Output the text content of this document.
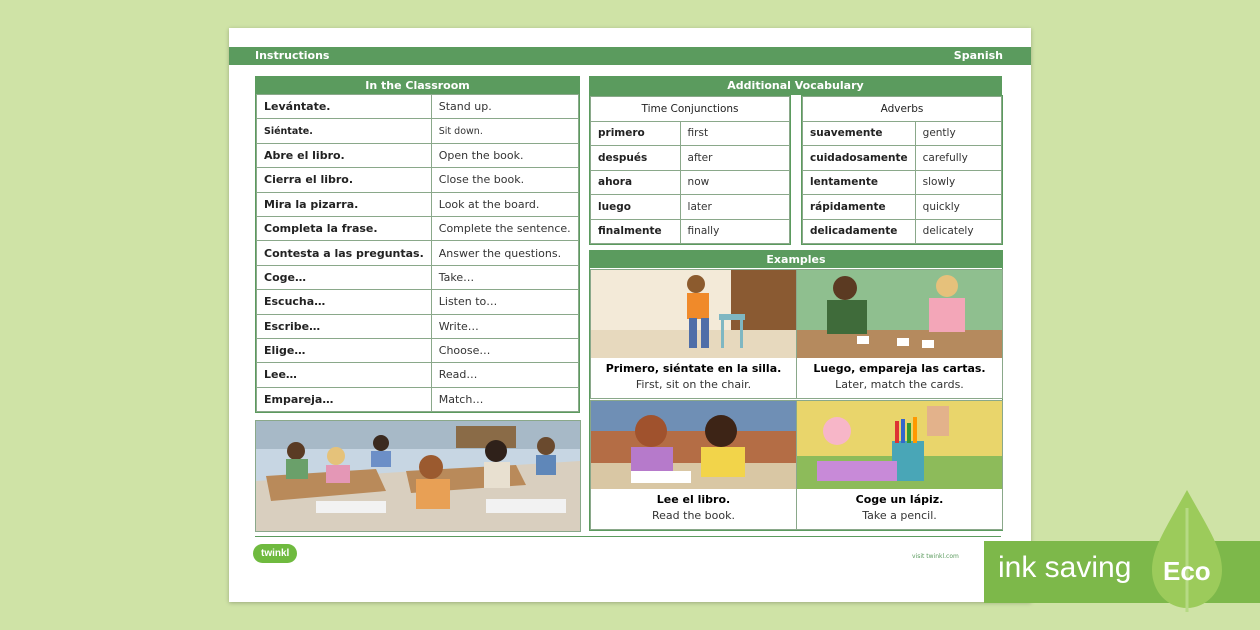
Instructions	Spanish
In the Classroom
Levántate.	Stand up.
Siéntate.	Sit down.
Abre el libro.	Open the book.
Cierra el libro.	Close the book.
Mira la pizarra.	Look at the board.
Completa la frase.	Complete the sentence.
Contesta a las preguntas.	Answer the questions.
Coge…	Take…
Escucha…	Listen to…
Escribe…	Write…
Elige…	Choose…
Lee…	Read…
Empareja…	Match…
Additional Vocabulary
Time Conjunctions	
primero	first
después	after
ahora	now
luego	later
finalmente	finally
Adverbs	
suavemente	gently
cuidadosamente	carefully
lentamente	slowly
rápidamente	quickly
delicadamente	delicately
Examples
Primero, siéntate en la silla.
First, sit on the chair.
Luego, empareja las cartas.
Later, match the cards.
Lee el libro.
Read the book.
Coge un lápiz.
Take a pencil.
twinkl	visit twinkl.com ink saving Eco
